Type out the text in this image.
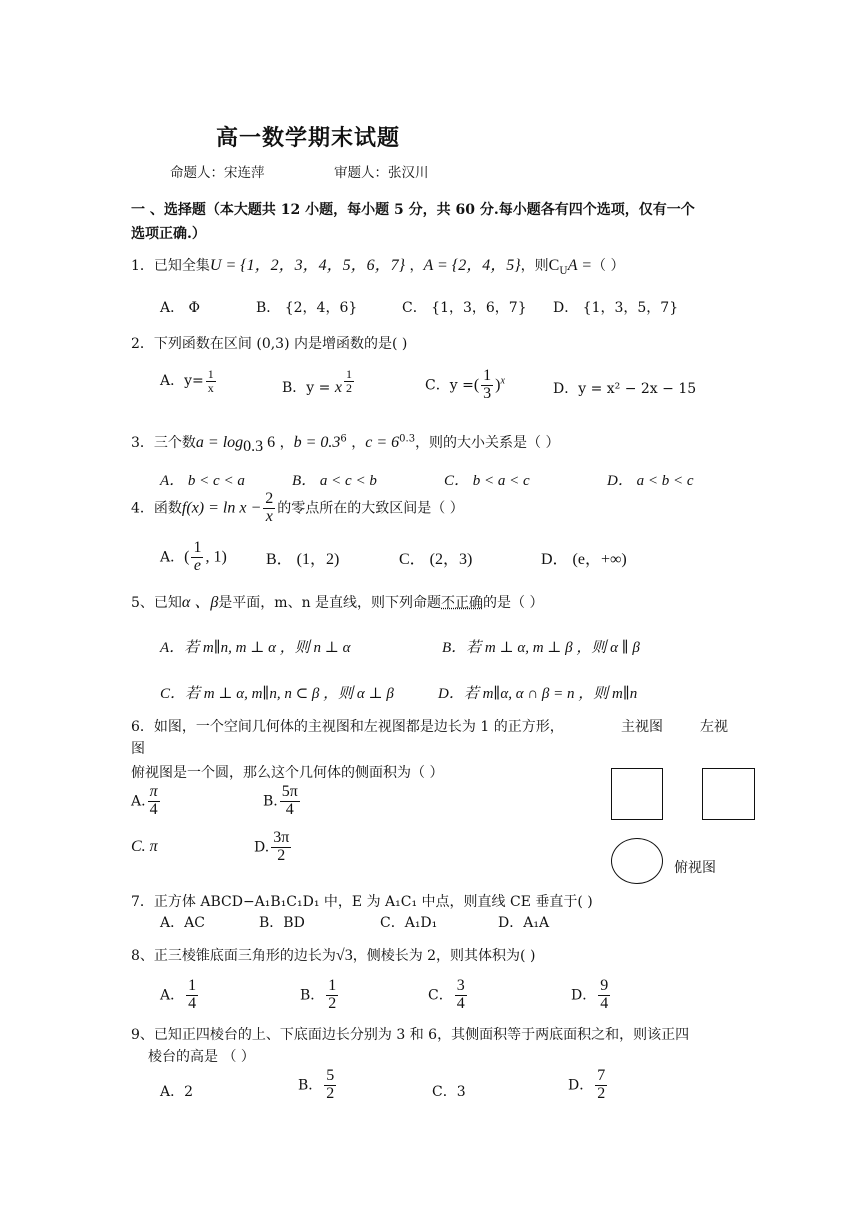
高一数学期末试题
命题人：宋连萍	审题人：张汉川
一 、选择题（本大题共 12 小题，每小题 5 分，共 60 分.每小题各有四个选项，仅有一个
选项正确.）
1．已知全集U = {1，2，3，4，5，6，7} ，A = {2，4，5}，则$C_UA$ =（ ）
A． Φ	B． {2，4，6}	C． {1，3，6，7} D． {1，3，5，7}
2．下列函数在区间 (0,3) 内是增函数的是( )
A．$y= \frac{1}{x}$	B．y = x $\frac{1}{2}$	C．y =( $\frac{1}{3} )^x$	D．y = x² − 2x − 15
3．三个数$a = \log_{0.3} 6$ ，$b = 0.3^6$ ，$c = 6^{0.3}$，则的大小关系是（ ）
A． b < c < a	B． a < c < b	C． b < a < c	D． a < b < c
4．函数$f(x) = \ln x - \frac{2}{x}$ 的零点所在的大致区间是（ ）
A．( $\frac{1}{e}$ , 1) B． (1，2)	C． (2，3)	D． (e，+∞)
5、已知α 、β是平面，m、n 是直线，则下列命题不正确的是（ ）
A．若 m∥n, m ⊥ α ，则 n ⊥ α	B．若 m ⊥ α, m ⊥ β ，则 α ∥ β
C．若 m ⊥ α, m∥n, n ⊂ β ，则 α ⊥ β	D．若 m∥α, α ∩ β = n ，则 m∥n
6．如图，一个空间几何体的主视图和左视图都是边长为 1 的正方形，	主视图	左视
图
俯视图是一个圆，那么这个几何体的侧面积为（ ）
A. $\frac{\pi}{4}$	B. $\frac{5\pi}{4}$
C. π	D. $\frac{3\pi}{2}$
俯视图
7．正方体 ABCD−A₁B₁C₁D₁ 中，E 为 A₁C₁ 中点，则直线 CE 垂直于( )
A．AC	B．BD	C．A₁D₁	D．A₁A
8、正三棱锥底面三角形的边长为√3，侧棱长为 2，则其体积为( )
A． $\frac{1}{4}$	B． $\frac{1}{2}$	C． $\frac{3}{4}$	D． $\frac{9}{4}$
9、已知正四棱台的上、下底面边长分别为 3 和 6，其侧面积等于两底面积之和，则该正四
棱台的高是 （ ）
A．2	B． $\frac{5}{2}$	C．3	D． $\frac{7}{2}$
